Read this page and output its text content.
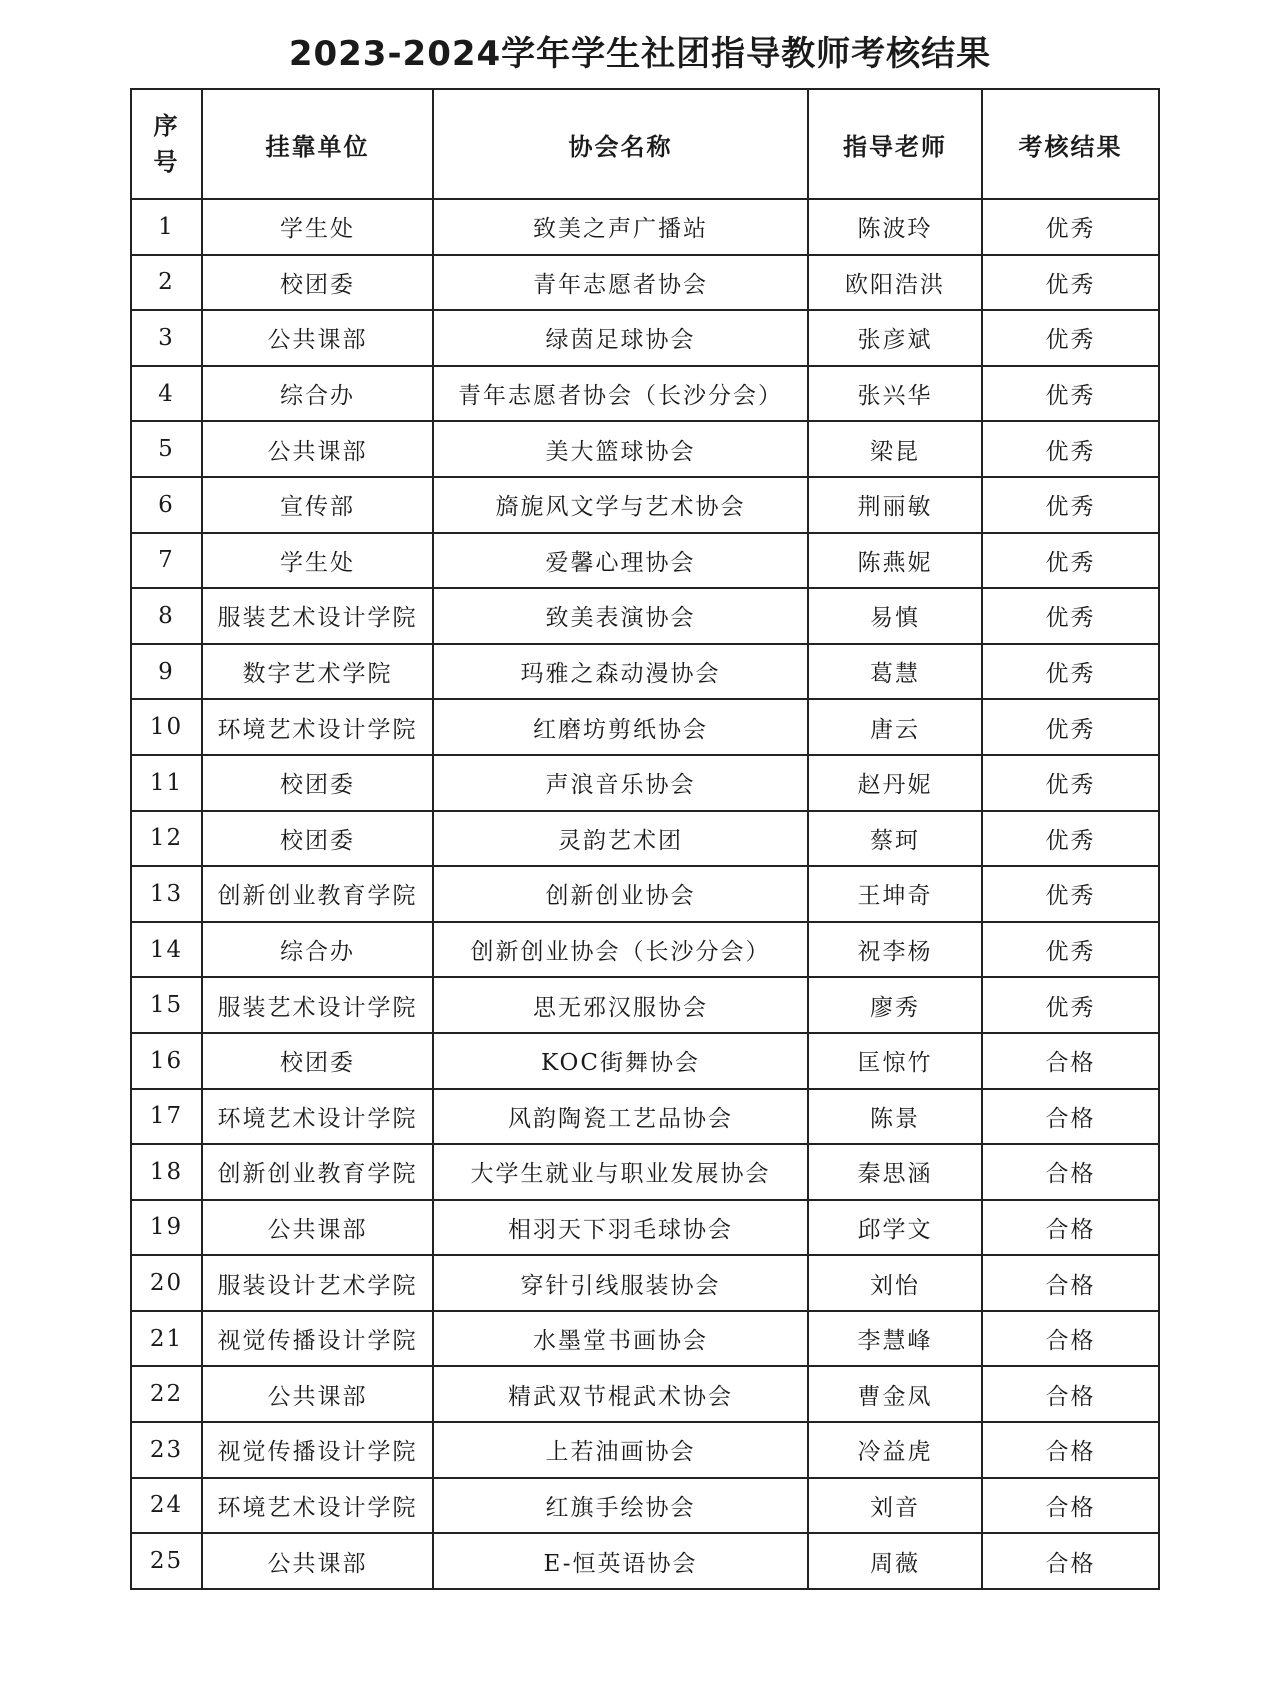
2023-2024学年学生社团指导教师考核结果
序
号	挂靠单位	协会名称	指导老师	考核结果
1	学生处	致美之声广播站	陈波玲	优秀
2	校团委	青年志愿者协会	欧阳浩洪	优秀
3	公共课部	绿茵足球协会	张彦斌	优秀
4	综合办	青年志愿者协会（长沙分会）	张兴华	优秀
5	公共课部	美大篮球协会	梁昆	优秀
6	宣传部	旖旎风文学与艺术协会	荆丽敏	优秀
7	学生处	爱馨心理协会	陈燕妮	优秀
8	服装艺术设计学院	致美表演协会	易慎	优秀
9	数字艺术学院	玛雅之森动漫协会	葛慧	优秀
10	环境艺术设计学院	红磨坊剪纸协会	唐云	优秀
11	校团委	声浪音乐协会	赵丹妮	优秀
12	校团委	灵韵艺术团	蔡珂	优秀
13	创新创业教育学院	创新创业协会	王坤奇	优秀
14	综合办	创新创业协会（长沙分会）	祝李杨	优秀
15	服装艺术设计学院	思无邪汉服协会	廖秀	优秀
16	校团委	KOC街舞协会	匡惊竹	合格
17	环境艺术设计学院	风韵陶瓷工艺品协会	陈景	合格
18	创新创业教育学院	大学生就业与职业发展协会	秦思涵	合格
19	公共课部	相羽天下羽毛球协会	邱学文	合格
20	服装设计艺术学院	穿针引线服装协会	刘怡	合格
21	视觉传播设计学院	水墨堂书画协会	李慧峰	合格
22	公共课部	精武双节棍武术协会	曹金凤	合格
23	视觉传播设计学院	上若油画协会	冷益虎	合格
24	环境艺术设计学院	红旗手绘协会	刘音	合格
25	公共课部	E-恒英语协会	周薇	合格
